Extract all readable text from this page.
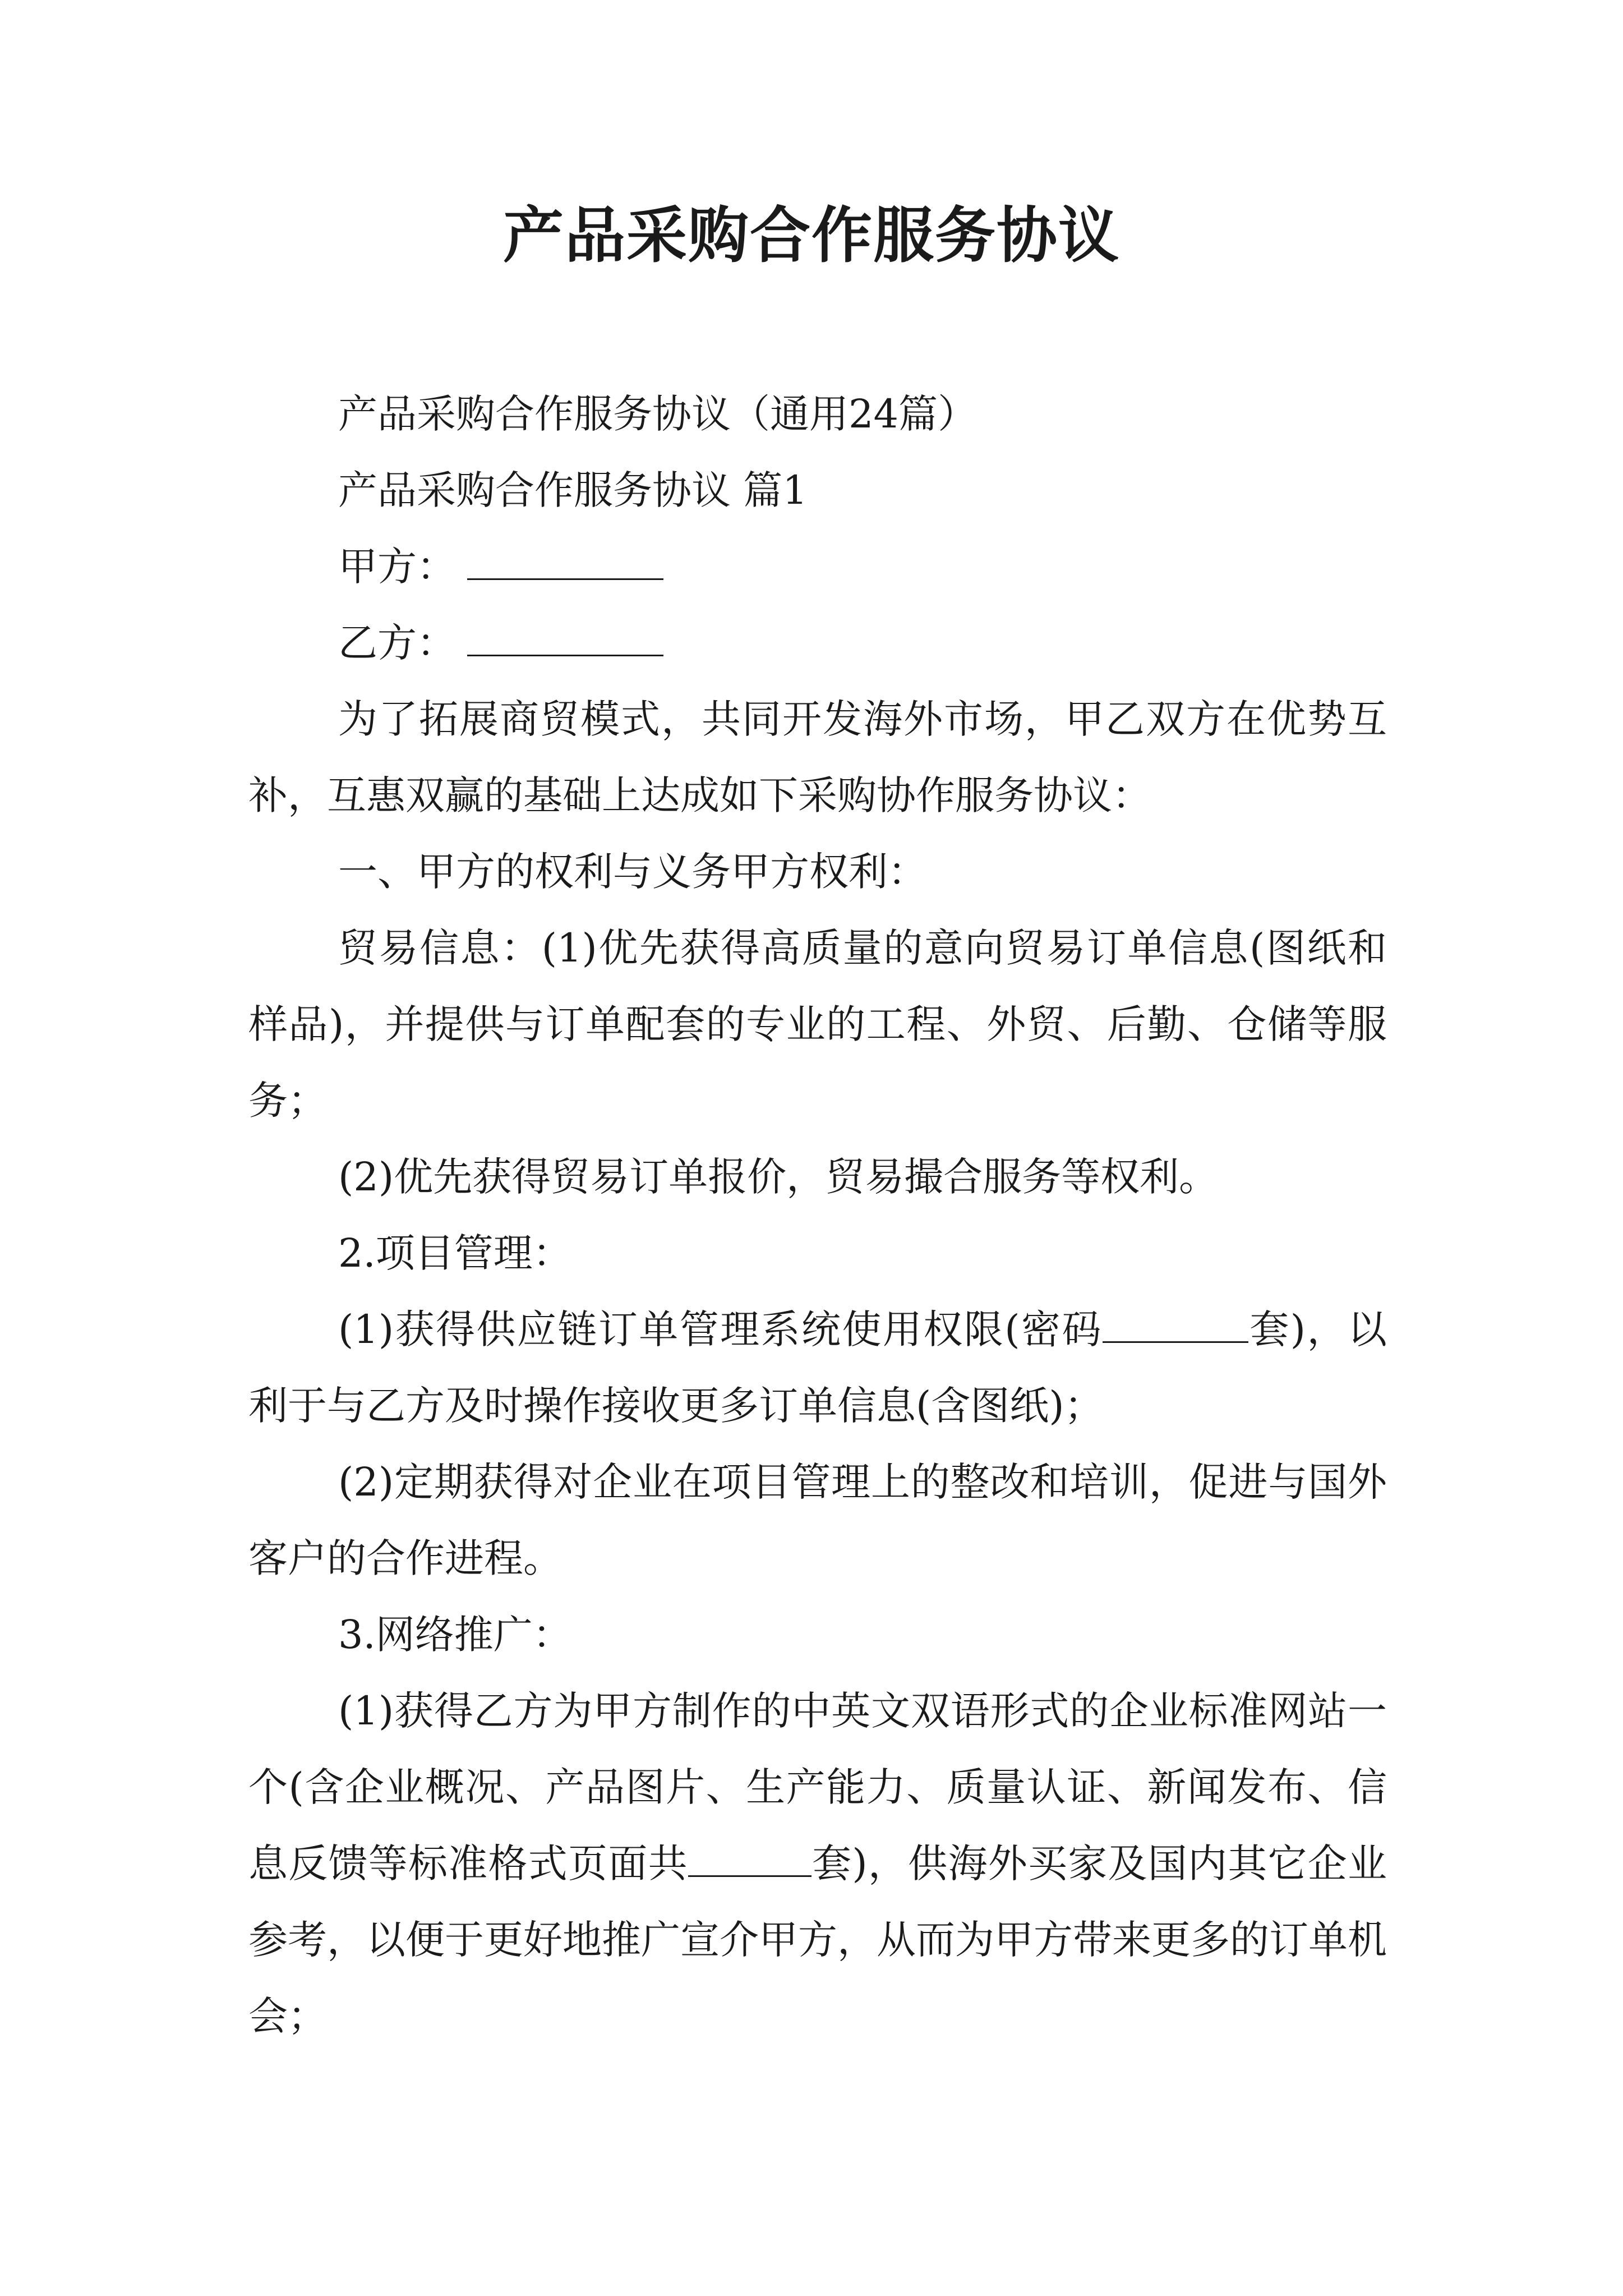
产品采购合作服务协议

产品采购合作服务协议（通用24篇）

产品采购合作服务协议 篇1

甲方：

乙方：

为了拓展商贸模式，共同开发海外市场，甲乙双方在优势互补，互惠双赢的基础上达成如下采购协作服务协议：

一、甲方的权利与义务甲方权利：

贸易信息：(1)优先获得高质量的意向贸易订单信息(图纸和样品)，并提供与订单配套的专业的工程、外贸、后勤、仓储等服务；

(2)优先获得贸易订单报价，贸易撮合服务等权利。

2.项目管理：

(1)获得供应链订单管理系统使用权限(密码	套)，以利于与乙方及时操作接收更多订单信息(含图纸)；

(2)定期获得对企业在项目管理上的整改和培训，促进与国外客户的合作进程。

3.网络推广：

(1)获得乙方为甲方制作的中英文双语形式的企业标准网站一个(含企业概况、产品图片、生产能力、质量认证、新闻发布、信息反馈等标准格式页面共	套)，供海外买家及国内其它企业参考，以便于更好地推广宣介甲方，从而为甲方带来更多的订单机会；
